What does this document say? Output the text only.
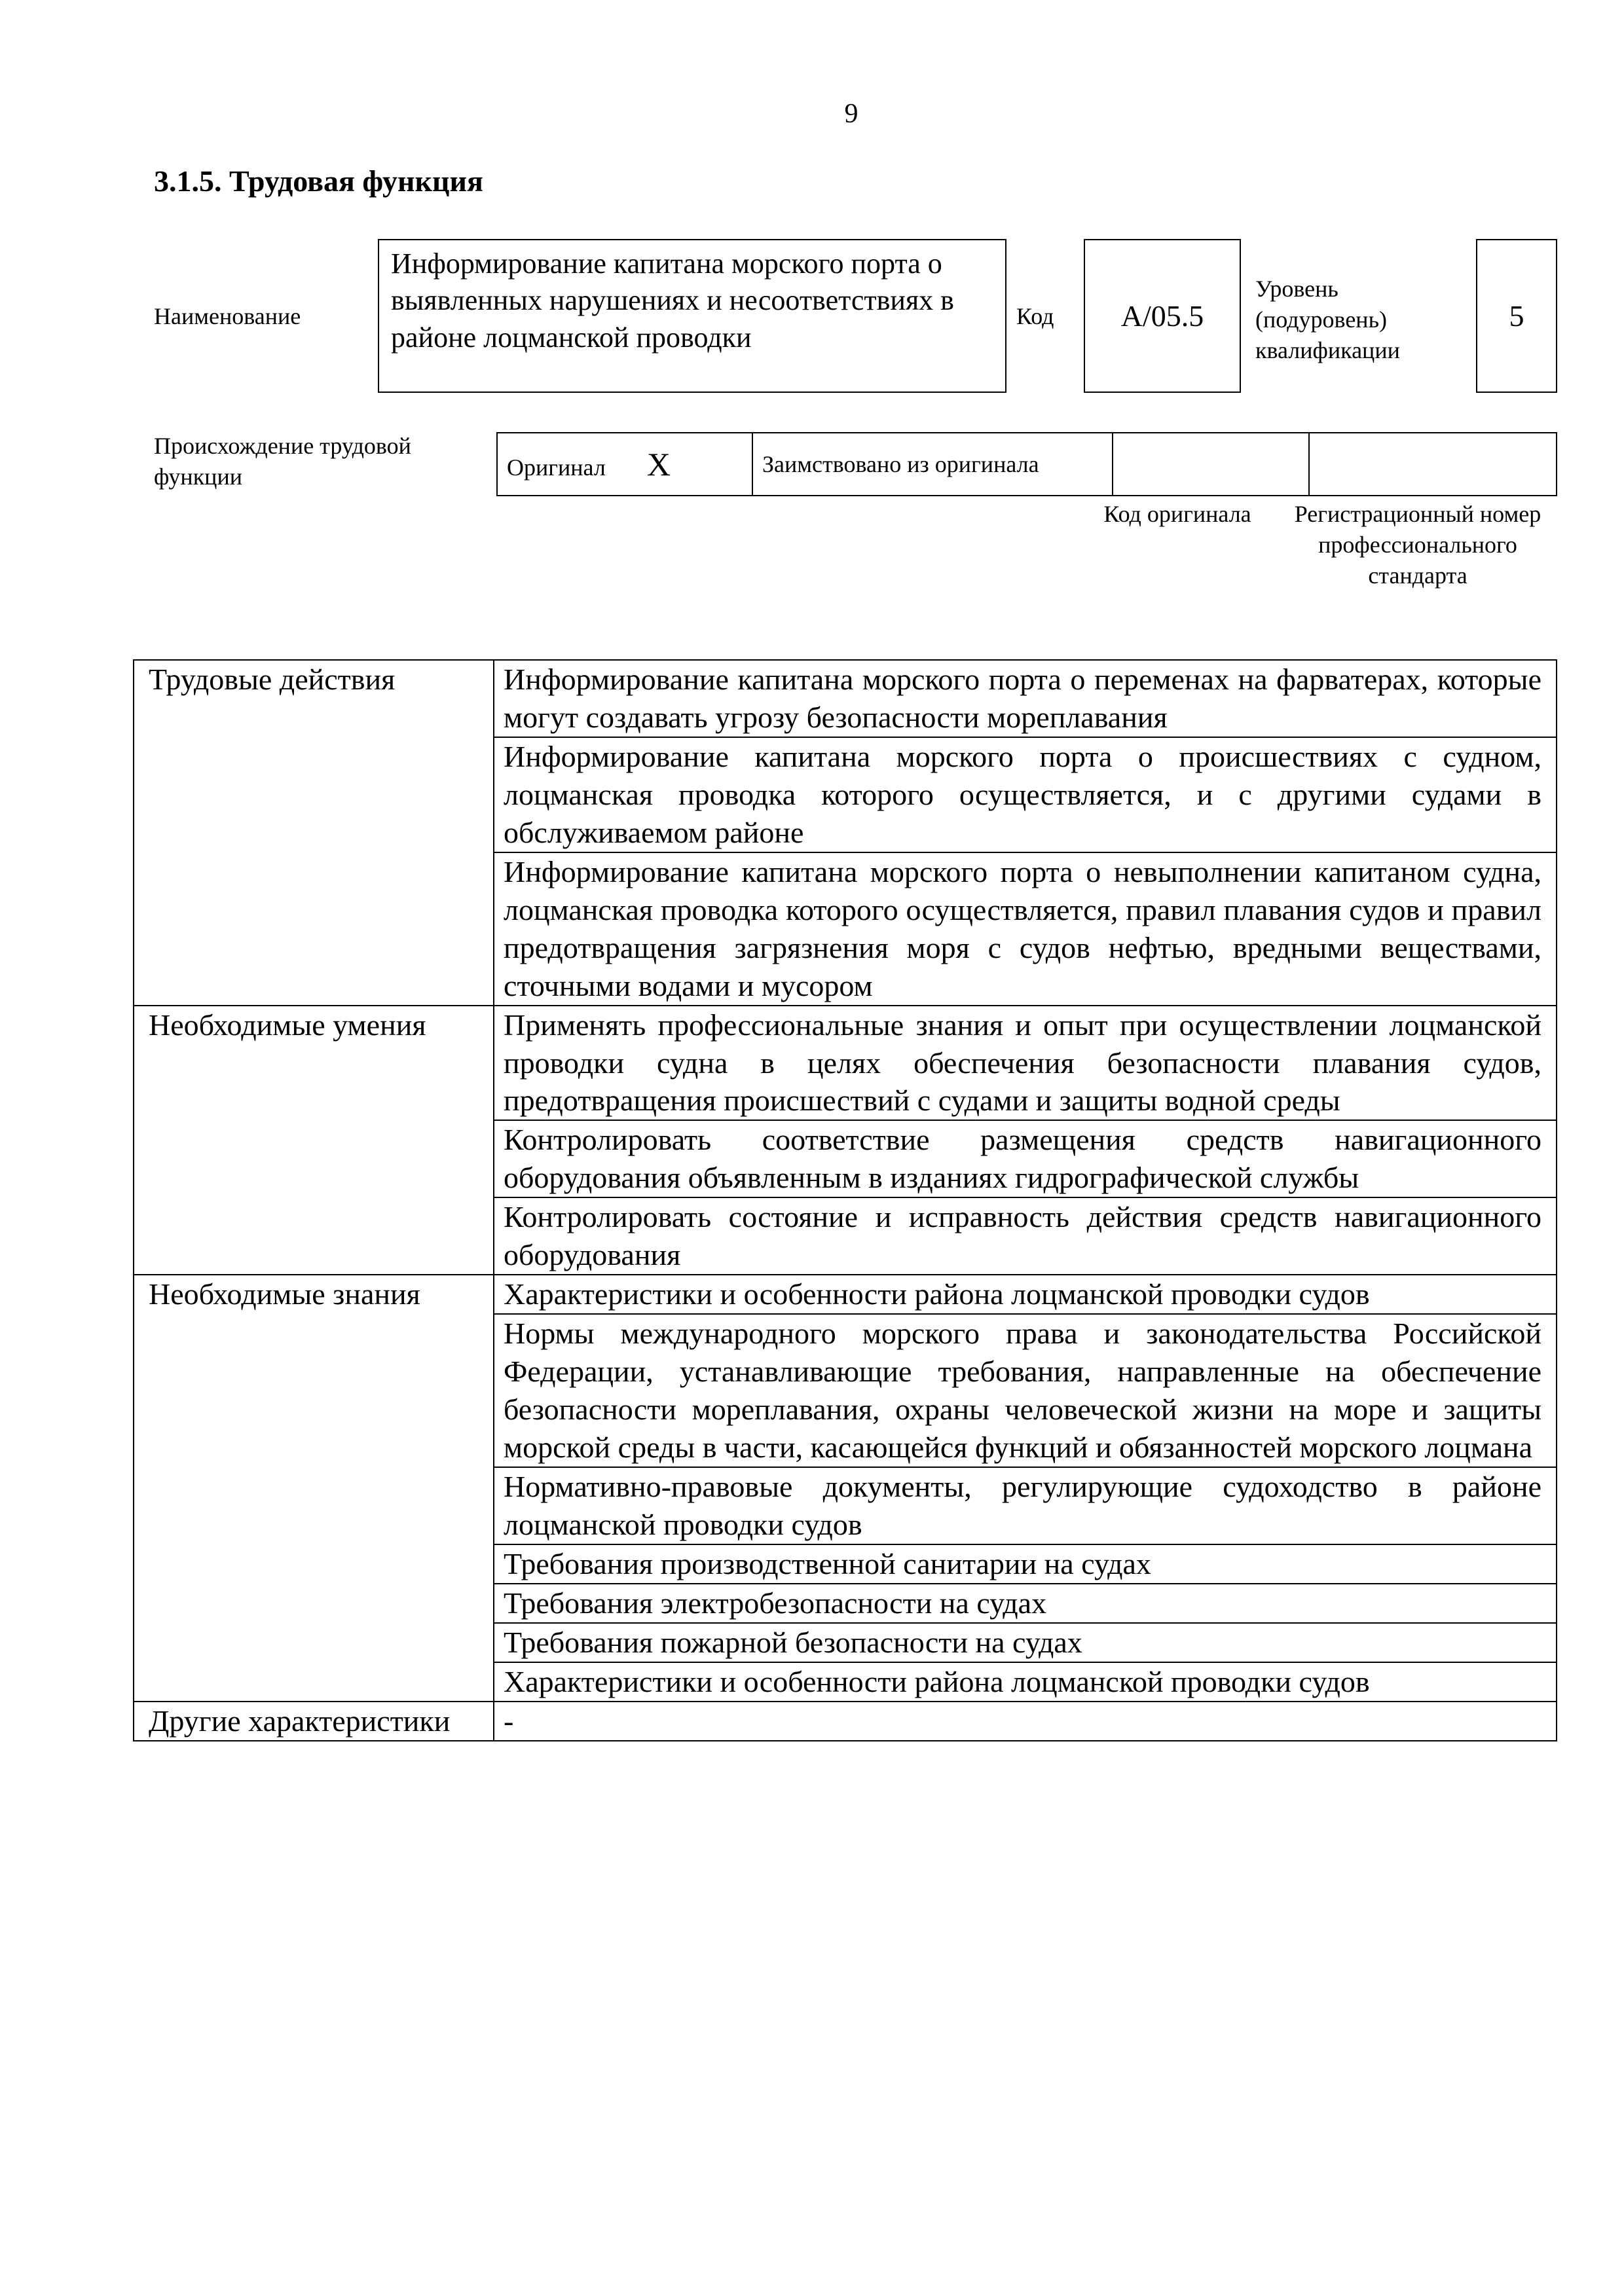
9
3.1.5. Трудовая функция
Наименование
Информирование капитана морского порта о выявленных нарушениях и несоответствиях в районе лоцманской проводки
Код	A/05.5
Уровень (подуровень) квалификации
5
Происхождение трудовой функции	Оригинал X	Заимствовано из оригинала		
Код оригинала	Регистрационный номер профессионального стандарта
Трудовые действия	Информирование капитана морского порта о переменах на фарватерах, которые могут создавать угрозу безопасности мореплавания
	Информирование капитана морского порта о происшествиях с судном, лоцманская проводка которого осуществляется, и с другими судами в обслуживаемом районе
	Информирование капитана морского порта о невыполнении капитаном судна, лоцманская проводка которого осуществляется, правил плавания судов и правил предотвращения загрязнения моря с судов нефтью, вредными веществами, сточными водами и мусором
Необходимые умения	Применять профессиональные знания и опыт при осуществлении лоцманской проводки судна в целях обеспечения безопасности плавания судов, предотвращения происшествий с судами и защиты водной среды
	Контролировать соответствие размещения средств навигационного оборудования объявленным в изданиях гидрографической службы
	Контролировать состояние и исправность действия средств навигационного оборудования
Необходимые знания	Характеристики и особенности района лоцманской проводки судов
	Нормы международного морского права и законодательства Российской Федерации, устанавливающие требования, направленные на обеспечение безопасности мореплавания, охраны человеческой жизни на море и защиты морской среды в части, касающейся функций и обязанностей морского лоцмана
	Нормативно-правовые документы, регулирующие судоходство в районе лоцманской проводки судов
	Требования производственной санитарии на судах
	Требования электробезопасности на судах
	Требования пожарной безопасности на судах
	Характеристики и особенности района лоцманской проводки судов
Другие характеристики	-
